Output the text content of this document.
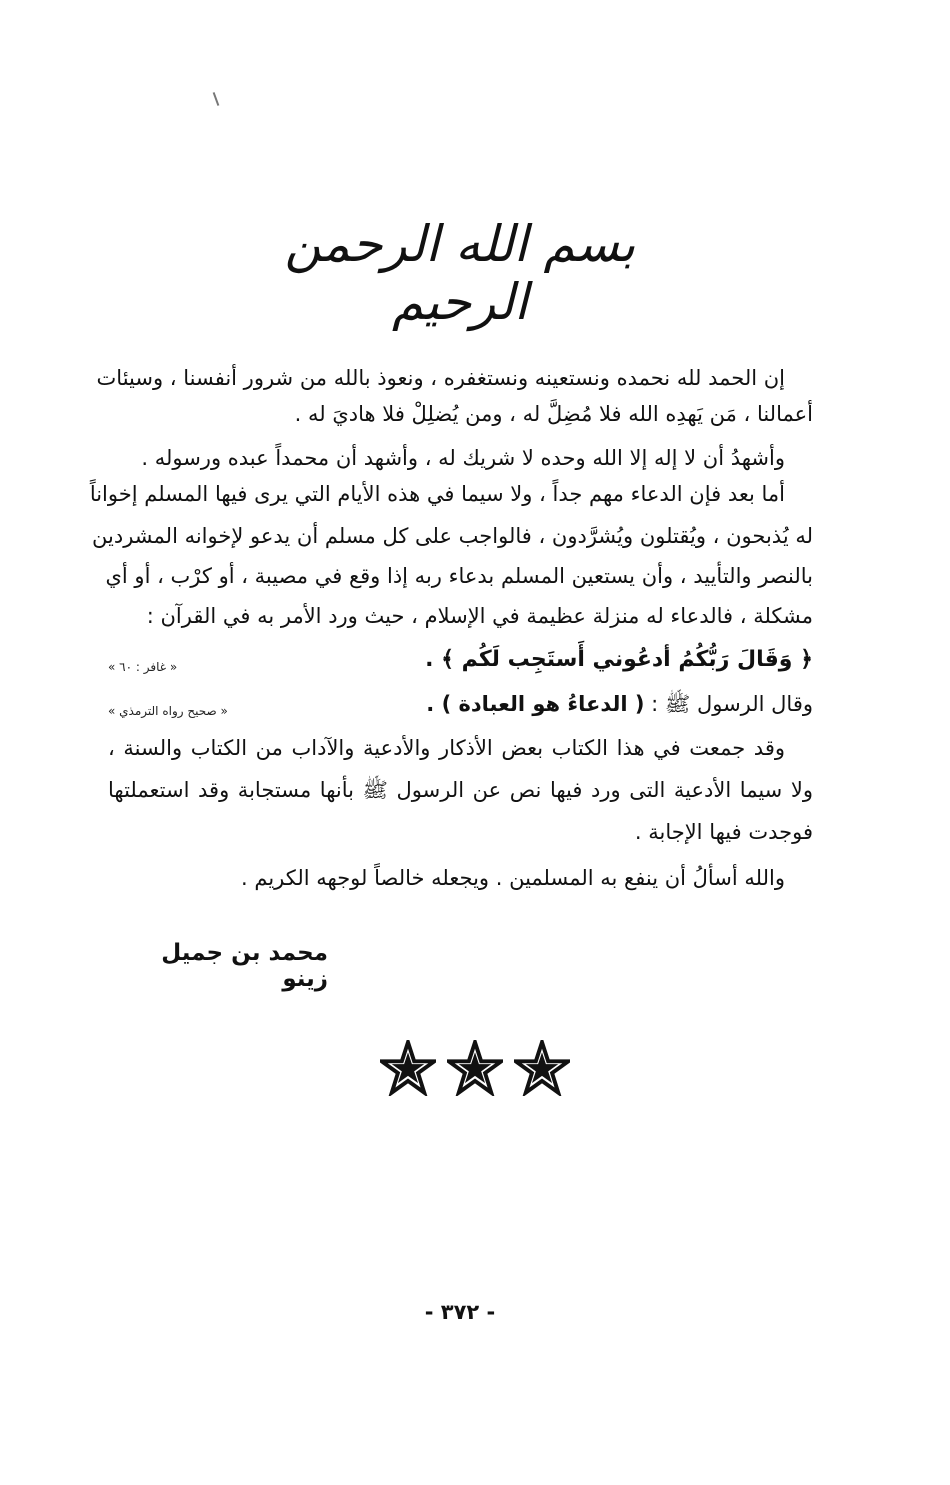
بسم الله الرحمن الرحيم
إن الحمد لله نحمده ونستعينه ونستغفره ، ونعوذ بالله من شرور أنفسنا ، وسيئات
أعمالنا ، مَن يَهدِه الله فلا مُضِلَّ له ، ومن يُضلِلْ فلا هاديَ له .
وأشهدُ أن لا إله إلا الله وحده لا شريك له ، وأشهد أن محمداً عبده ورسوله .
أما بعد فإن الدعاء مهم جداً ، ولا سيما في هذه الأيام التي يرى فيها المسلم إخواناً
له يُذبحون ، ويُقتلون ويُشرَّدون ، فالواجب على كل مسلم أن يدعو لإخوانه المشردين
بالنصر والتأييد ، وأن يستعين المسلم بدعاء ربه إذا وقع في مصيبة ، أو كرْب ، أو أي
مشكلة ، فالدعاء له منزلة عظيمة في الإسلام ، حيث ورد الأمر به في القرآن :
﴿ وَقَالَ رَبُّكُمُ أدعُوني أَستَجِب لَكُم ﴾ .
« غافر : ٦٠ »
وقال الرسول ﷺ : ( الدعاءُ هو العبادة ) .
« صحيح رواه الترمذي »
وقد جمعت في هذا الكتاب بعض الأذكار والأدعية والآداب من الكتاب والسنة ،
ولا سيما الأدعية التى ورد فيها نص عن الرسول ﷺ بأنها مستجابة وقد استعملتها
فوجدت فيها الإجابة .
والله أسألُ أن ينفع به المسلمين . ويجعله خالصاً لوجهه الكريم .
محمد بن جميل زينو
- ٣٧٢ -
